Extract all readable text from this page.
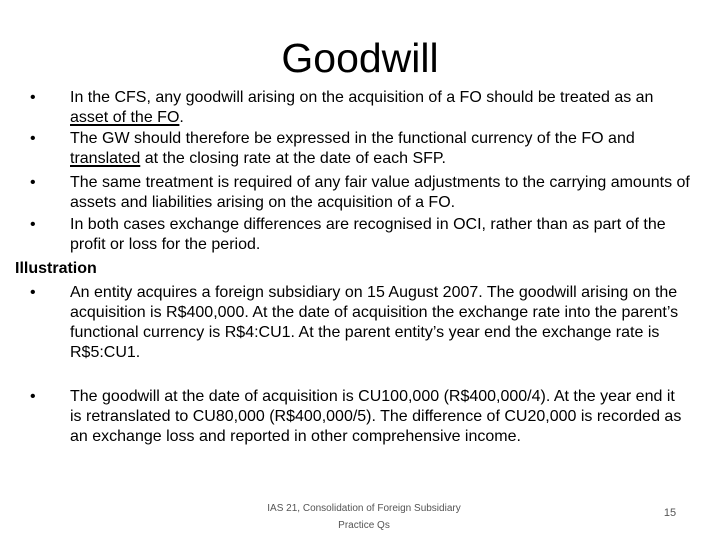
Goodwill
• In the CFS, any goodwill arising on the acquisition of a FO should be treated as an asset of the FO.
• The GW should therefore be expressed in the functional currency of the FO and translated at the closing rate at the date of each SFP.
• The same treatment is required of any fair value adjustments to the carrying amounts of assets and liabilities arising on the acquisition of a FO.
• In both cases exchange differences are recognised in OCI, rather than as part of the profit or loss for the period.
Illustration
• An entity acquires a foreign subsidiary on 15 August 2007. The goodwill arising on the acquisition is R$400,000. At the date of acquisition the exchange rate into the parent’s functional currency is R$4:CU1. At the parent entity’s year end the exchange rate is R$5:CU1.
• The goodwill at the date of acquisition is CU100,000 (R$400,000/4). At the year end it is retranslated to CU80,000 (R$400,000/5). The difference of CU20,000 is recorded as an exchange loss and reported in other comprehensive income.
IAS 21, Consolidation of Foreign Subsidiary
Practice Qs
15
